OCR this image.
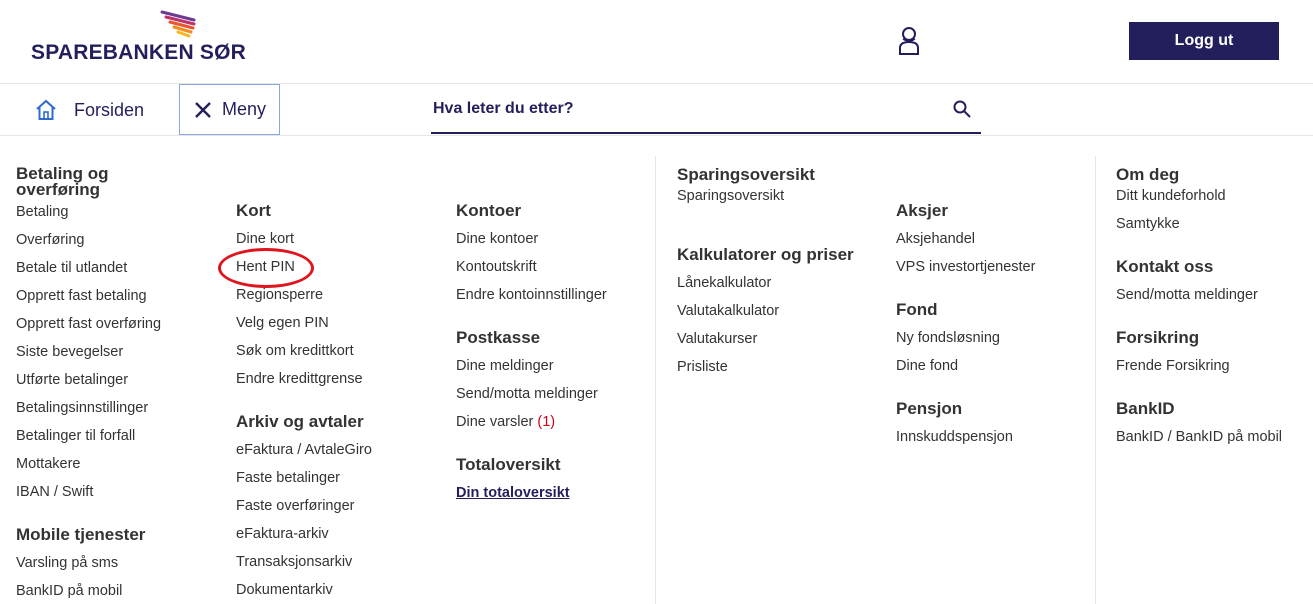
SPAREBANKEN SØR
Logg ut
Forsiden	Meny
Hva leter du etter?
Betaling og overføring
Betaling
Overføring
Betale til utlandet
Opprett fast betaling
Opprett fast overføring
Siste bevegelser
Utførte betalinger
Betalingsinnstillinger
Betalinger til forfall
Mottakere
IBAN / Swift
Mobile tjenester
Varsling på sms
BankID på mobil
Kort
Dine kort
Hent PIN
Regionsperre
Velg egen PIN
Søk om kredittkort
Endre kredittgrense
Arkiv og avtaler
eFaktura / AvtaleGiro
Faste betalinger
Faste overføringer
eFaktura-arkiv
Transaksjonsarkiv
Dokumentarkiv
Kontoer
Dine kontoer
Kontoutskrift
Endre kontoinnstillinger
Postkasse
Dine meldinger
Send/motta meldinger
Dine varsler (1)
Totaloversikt
Din totaloversikt
Sparingsoversikt
Sparingsoversikt
Kalkulatorer og priser
Lånekalkulator
Valutakalkulator
Valutakurser
Prisliste
Aksjer
Aksjehandel
VPS investortjenester
Fond
Ny fondsløsning
Dine fond
Pensjon
Innskuddspensjon
Om deg
Ditt kundeforhold
Samtykke
Kontakt oss
Send/motta meldinger
Forsikring
Frende Forsikring
BankID
BankID / BankID på mobil
